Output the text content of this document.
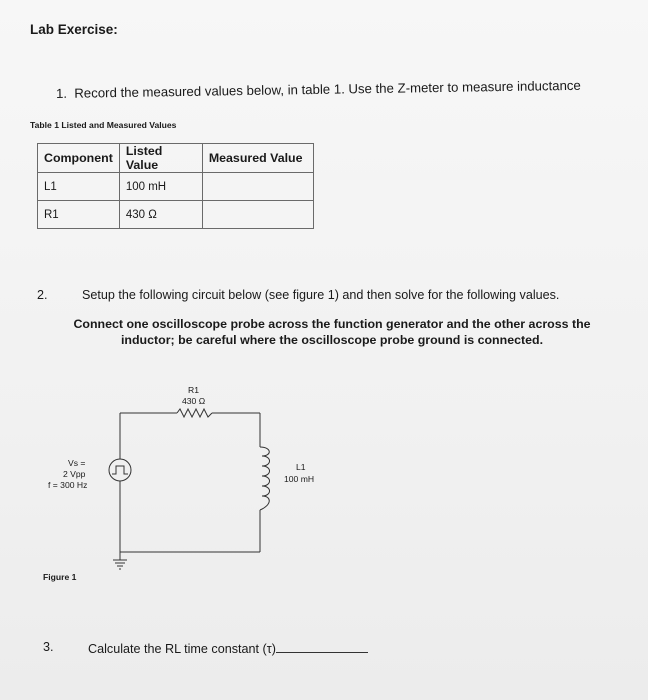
Lab Exercise:
1. Record the measured values below, in table 1. Use the Z-meter to measure inductance
Table 1 Listed and Measured Values
Component	Listed Value	Measured Value
L1	100 mH	
R1	430 Ω	
2.	Setup the following circuit below (see figure 1) and then solve for the following values.
Connect one oscilloscope probe across the function generator and the other across the inductor; be careful where the oscilloscope probe ground is connected.
R1
430 Ω
L1
100 mH
Vs =
2 Vpp
f = 300 Hz
Figure 1
3.	Calculate the RL time constant (τ)
